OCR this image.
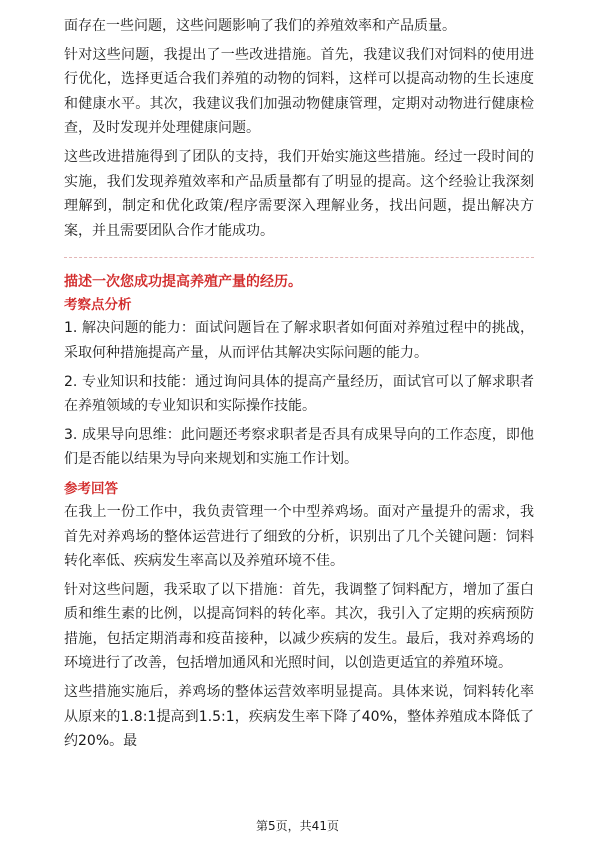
面存在一些问题，这些问题影响了我们的养殖效率和产品质量。

针对这些问题，我提出了一些改进措施。首先，我建议我们对饲料的使用进行优化，选择更适合我们养殖的动物的饲料，这样可以提高动物的生长速度和健康水平。其次，我建议我们加强动物健康管理，定期对动物进行健康检查，及时发现并处理健康问题。

这些改进措施得到了团队的支持，我们开始实施这些措施。经过一段时间的实施，我们发现养殖效率和产品质量都有了明显的提高。这个经验让我深刻理解到，制定和优化政策/程序需要深入理解业务，找出问题，提出解决方案，并且需要团队合作才能成功。

描述一次您成功提高养殖产量的经历。
考察点分析

1. 解决问题的能力：面试问题旨在了解求职者如何面对养殖过程中的挑战，采取何种措施提高产量，从而评估其解决实际问题的能力。

2. 专业知识和技能：通过询问具体的提高产量经历，面试官可以了解求职者在养殖领域的专业知识和实际操作技能。

3. 成果导向思维：此问题还考察求职者是否具有成果导向的工作态度，即他们是否能以结果为导向来规划和实施工作计划。

参考回答

在我上一份工作中，我负责管理一个中型养鸡场。面对产量提升的需求，我首先对养鸡场的整体运营进行了细致的分析，识别出了几个关键问题：饲料转化率低、疾病发生率高以及养殖环境不佳。

针对这些问题，我采取了以下措施：首先，我调整了饲料配方，增加了蛋白质和维生素的比例，以提高饲料的转化率。其次，我引入了定期的疾病预防措施，包括定期消毒和疫苗接种，以减少疾病的发生。最后，我对养鸡场的环境进行了改善，包括增加通风和光照时间，以创造更适宜的养殖环境。

这些措施实施后，养鸡场的整体运营效率明显提高。具体来说，饲料转化率从原来的1.8:1提高到1.5:1，疾病发生率下降了40%，整体养殖成本降低了约20%。最

第5页，共41页
